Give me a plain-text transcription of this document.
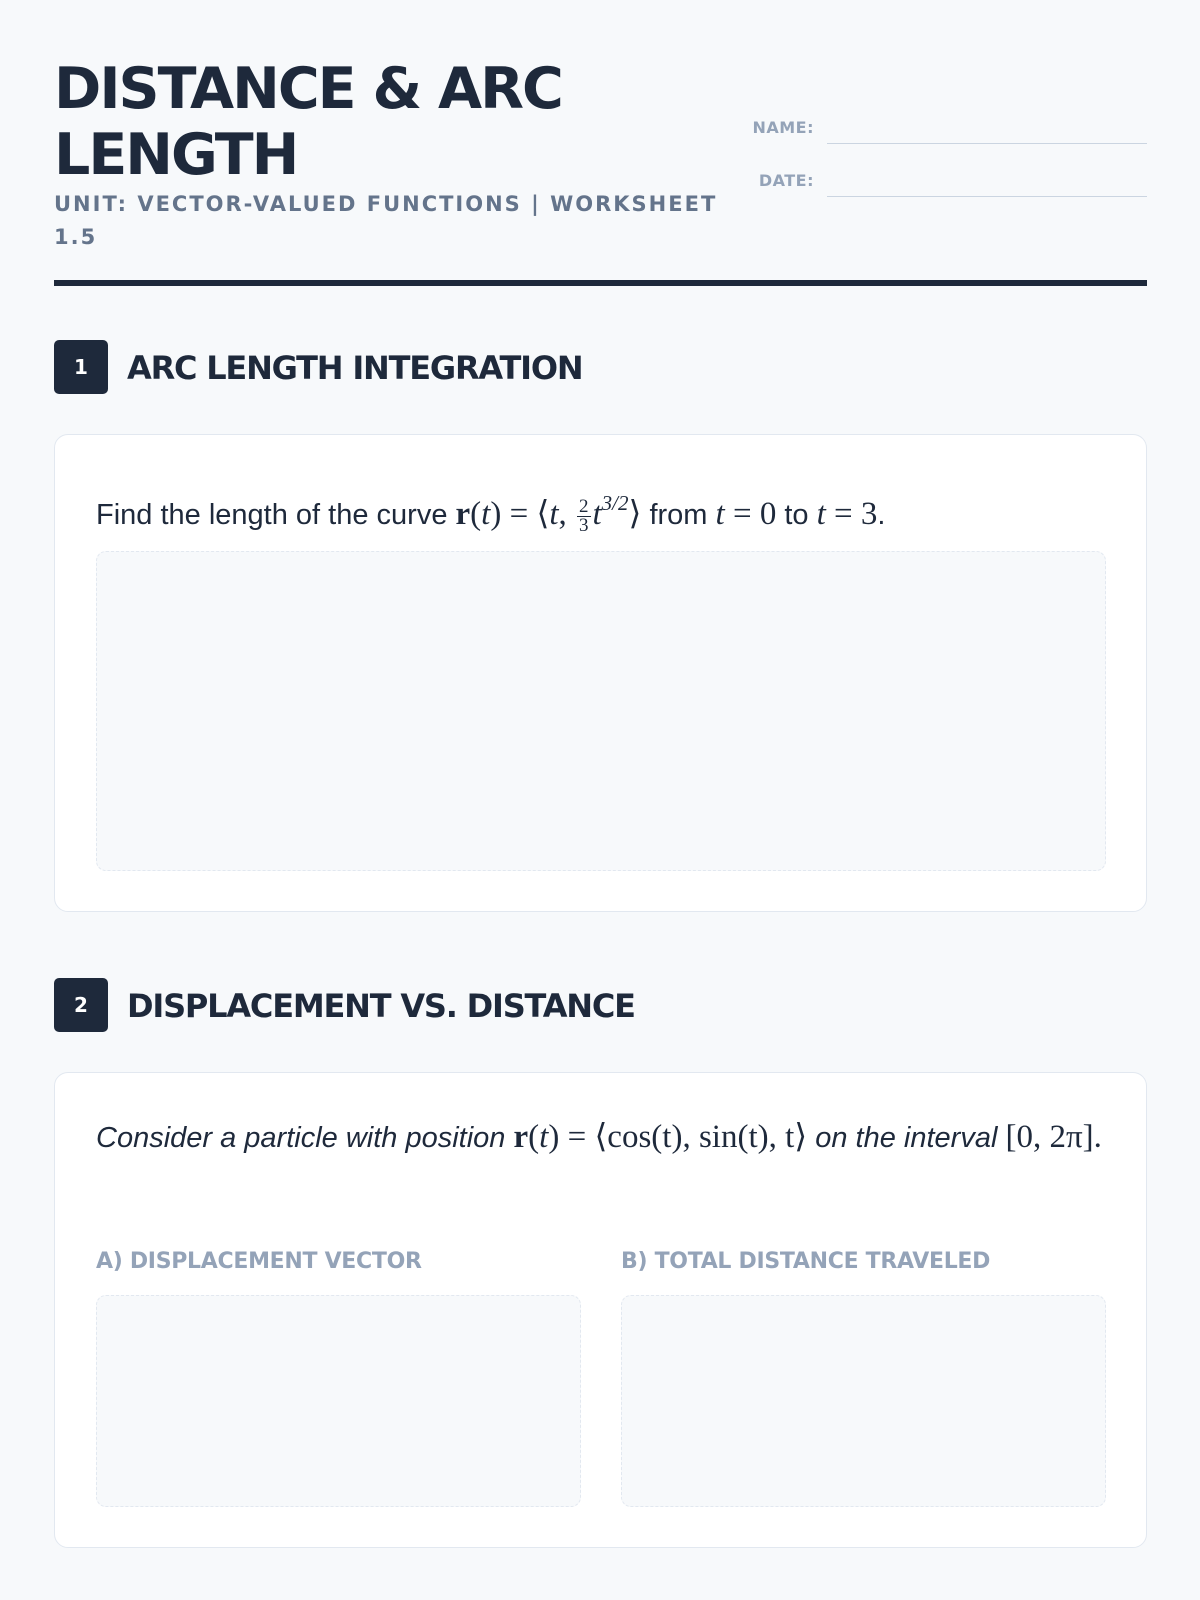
DISTANCE & ARC
LENGTH
UNIT: VECTOR-VALUED FUNCTIONS | WORKSHEET
1.5
NAME:
DATE:
1	ARC LENGTH INTEGRATION
Find the length of the curve r(t) = ⟨t, $\frac{2}{3}$ $t^{3/2}⟩$ from t = 0 to t = 3.
2	DISPLACEMENT VS. DISTANCE
Consider a particle with position r(t) = ⟨cos(t), sin(t), t⟩ on the interval [0, 2π].
A) DISPLACEMENT VECTOR	B) TOTAL DISTANCE TRAVELED
